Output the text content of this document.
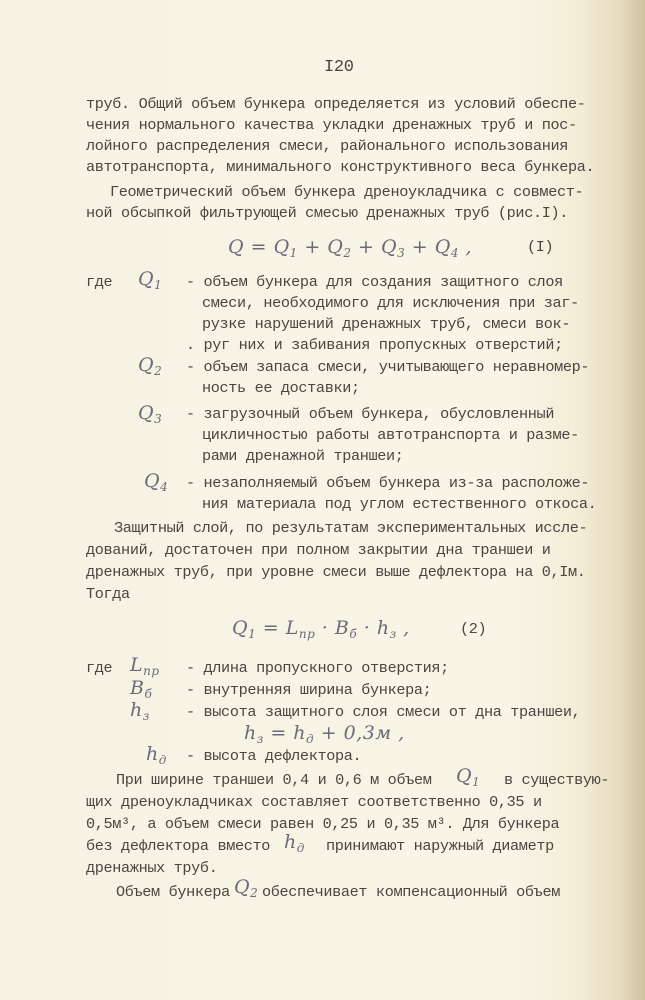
I20
труб. Общий объем бункера определяется из условий обеспе-
чения нормального качества укладки дренажных труб и пос-
лойного распределения смеси, районального использования
автотранспорта, минимального конструктивного веса бункера.
Геометрический объем бункера дреноукладчика с совмест-
ной обсыпкой фильтрующей смесью дренажных труб (рис.I).
$Q = Q_1 + Q_2 + Q_3 + Q_4$ ,	(I)
где $Q_1$ - объем бункера для создания защитного слоя
смеси, необходимого для исключения при заг-
рузке нарушений дренажных труб, смеси вок-
. руг них и забивания пропускных отверстий;
$Q_2$ - объем запаса смеси, учитывающего неравномер-
ность ее доставки;
$Q_3$ - загрузочный объем бункера, обусловленный
цикличностью работы автотранспорта и разме-
рами дренажной траншеи;
$Q_4$ - незаполняемый объем бункера из-за расположе-
ния материала под углом естественного откоса.
Защитный слой, по результатам экспериментальных иссле-
дований, достаточен при полном закрытии дна траншеи и
дренажных труб, при уровне смеси выше дефлектора на 0,Iм.
Тогда
$Q_1 = L_{пр} \cdot B_б \cdot h_з$ ,	(2)
где $L_{пр}$ - длина пропускного отверстия;
$B_б$ - внутренняя ширина бункера;
$h_з$ - высота защитного слоя смеси от дна траншеи,
$h_з = h_д + 0,3м$ ,
$h_д$ - высота дефлектора.
При ширине траншеи 0,4 и 0,6 м объем $Q_1$ в существую-
щих дреноукладчиках составляет соответственно 0,35 и
0,5м³, а объем смеси равен 0,25 и 0,35 м³. Для бункера
без дефлектора вместо $h_д$ принимают наружный диаметр
дренажных труб.
Объем бункера $Q_2$ обеспечивает компенсационный объем
